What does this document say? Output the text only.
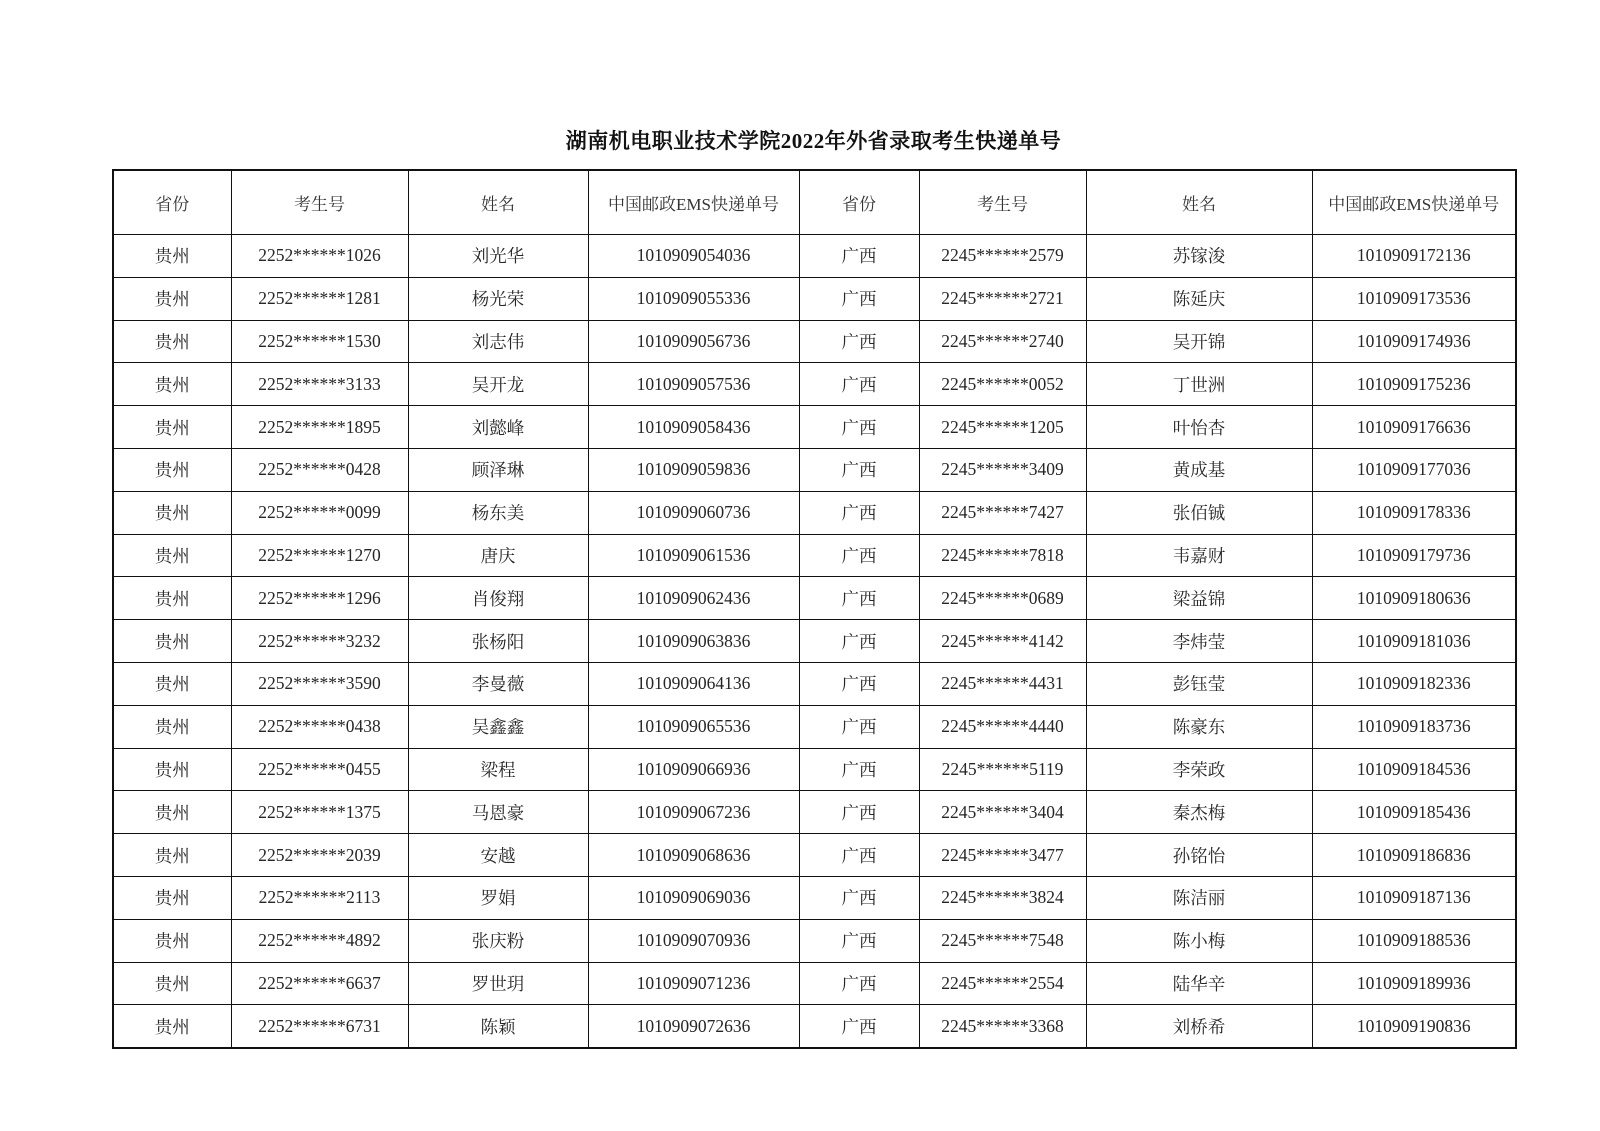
湖南机电职业技术学院2022年外省录取考生快递单号
省份	考生号	姓名	中国邮政EMS快递单号	省份	考生号	姓名	中国邮政EMS快递单号
贵州	2252******1026	刘光华	1010909054036	广西	2245******2579	苏镓浚	1010909172136
贵州	2252******1281	杨光荣	1010909055336	广西	2245******2721	陈延庆	1010909173536
贵州	2252******1530	刘志伟	1010909056736	广西	2245******2740	吴开锦	1010909174936
贵州	2252******3133	吴开龙	1010909057536	广西	2245******0052	丁世洲	1010909175236
贵州	2252******1895	刘懿峰	1010909058436	广西	2245******1205	叶怡杏	1010909176636
贵州	2252******0428	顾泽琳	1010909059836	广西	2245******3409	黄成基	1010909177036
贵州	2252******0099	杨东美	1010909060736	广西	2245******7427	张佰铖	1010909178336
贵州	2252******1270	唐庆	1010909061536	广西	2245******7818	韦嘉财	1010909179736
贵州	2252******1296	肖俊翔	1010909062436	广西	2245******0689	梁益锦	1010909180636
贵州	2252******3232	张杨阳	1010909063836	广西	2245******4142	李炜莹	1010909181036
贵州	2252******3590	李曼薇	1010909064136	广西	2245******4431	彭钰莹	1010909182336
贵州	2252******0438	吴鑫鑫	1010909065536	广西	2245******4440	陈豪东	1010909183736
贵州	2252******0455	梁程	1010909066936	广西	2245******5119	李荣政	1010909184536
贵州	2252******1375	马恩豪	1010909067236	广西	2245******3404	秦杰梅	1010909185436
贵州	2252******2039	安越	1010909068636	广西	2245******3477	孙铭怡	1010909186836
贵州	2252******2113	罗娟	1010909069036	广西	2245******3824	陈洁丽	1010909187136
贵州	2252******4892	张庆粉	1010909070936	广西	2245******7548	陈小梅	1010909188536
贵州	2252******6637	罗世玥	1010909071236	广西	2245******2554	陆华辛	1010909189936
贵州	2252******6731	陈颖	1010909072636	广西	2245******3368	刘桥希	1010909190836
